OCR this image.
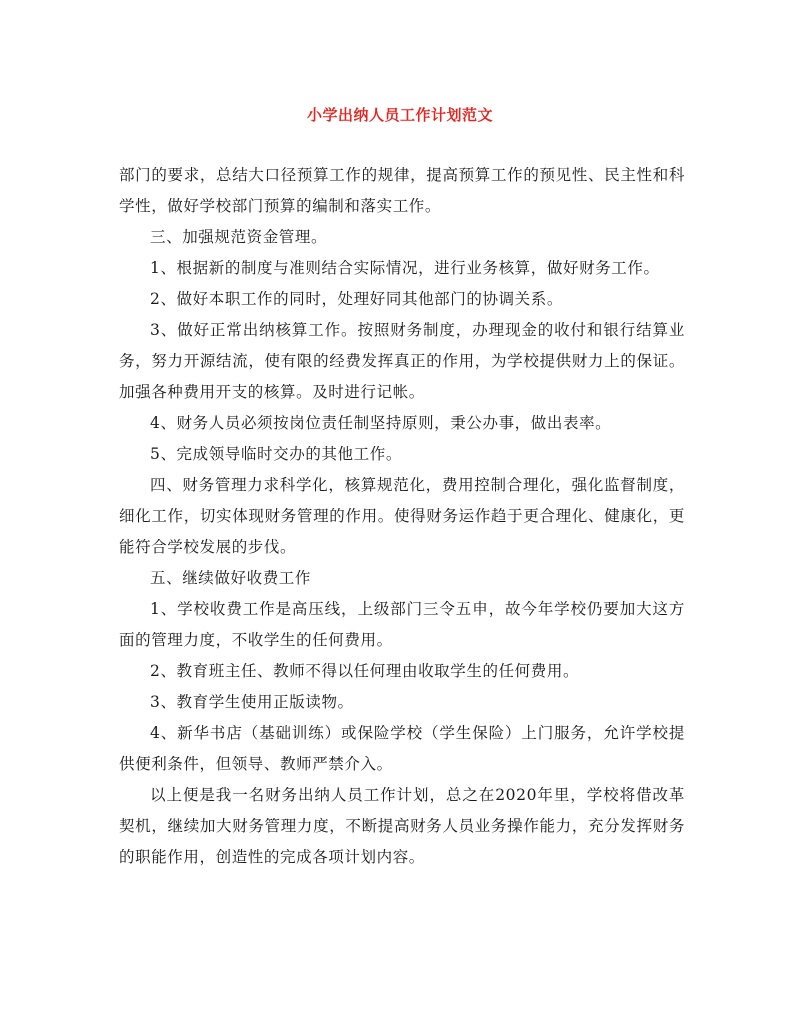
小学出纳人员工作计划范文

部门的要求，总结大口径预算工作的规律，提高预算工作的预见性、民主性和科学性，做好学校部门预算的编制和落实工作。

三、加强规范资金管理。

1、根据新的制度与准则结合实际情况，进行业务核算，做好财务工作。

2、做好本职工作的同时，处理好同其他部门的协调关系。

3、做好正常出纳核算工作。按照财务制度，办理现金的收付和银行结算业务，努力开源结流，使有限的经费发挥真正的作用，为学校提供财力上的保证。加强各种费用开支的核算。及时进行记帐。

4、财务人员必须按岗位责任制坚持原则，秉公办事，做出表率。

5、完成领导临时交办的其他工作。

四、财务管理力求科学化，核算规范化，费用控制合理化，强化监督制度，细化工作，切实体现财务管理的作用。使得财务运作趋于更合理化、健康化，更能符合学校发展的步伐。

五、继续做好收费工作

1、学校收费工作是高压线，上级部门三令五申，故今年学校仍要加大这方面的管理力度，不收学生的任何费用。

2、教育班主任、教师不得以任何理由收取学生的任何费用。

3、教育学生使用正版读物。

4、新华书店（基础训练）或保险学校（学生保险）上门服务，允许学校提供便利条件，但领导、教师严禁介入。

以上便是我一名财务出纳人员工作计划，总之在2020年里，学校将借改革契机，继续加大财务管理力度，不断提高财务人员业务操作能力，充分发挥财务的职能作用，创造性的完成各项计划内容。
